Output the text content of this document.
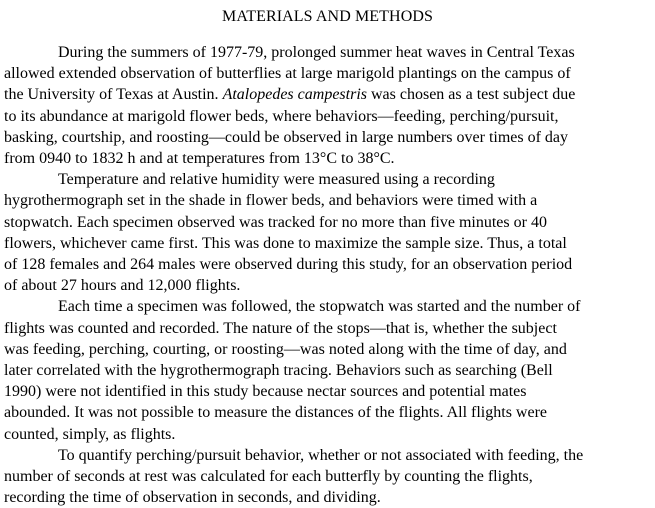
MATERIALS AND METHODS
During the summers of 1977-79, prolonged summer heat waves in Central Texas
allowed extended observation of butterflies at large marigold plantings on the campus of
the University of Texas at Austin. Atalopedes campestris was chosen as a test subject due
to its abundance at marigold flower beds, where behaviors—feeding, perching/pursuit,
basking, courtship, and roosting—could be observed in large numbers over times of day
from 0940 to 1832 h and at temperatures from 13°C to 38°C.
Temperature and relative humidity were measured using a recording
hygrothermograph set in the shade in flower beds, and behaviors were timed with a
stopwatch. Each specimen observed was tracked for no more than five minutes or 40
flowers, whichever came first. This was done to maximize the sample size. Thus, a total
of 128 females and 264 males were observed during this study, for an observation period
of about 27 hours and 12,000 flights.
Each time a specimen was followed, the stopwatch was started and the number of
flights was counted and recorded. The nature of the stops—that is, whether the subject
was feeding, perching, courting, or roosting—was noted along with the time of day, and
later correlated with the hygrothermograph tracing. Behaviors such as searching (Bell
1990) were not identified in this study because nectar sources and potential mates
abounded. It was not possible to measure the distances of the flights. All flights were
counted, simply, as flights.
To quantify perching/pursuit behavior, whether or not associated with feeding, the
number of seconds at rest was calculated for each butterfly by counting the flights,
recording the time of observation in seconds, and dividing.
